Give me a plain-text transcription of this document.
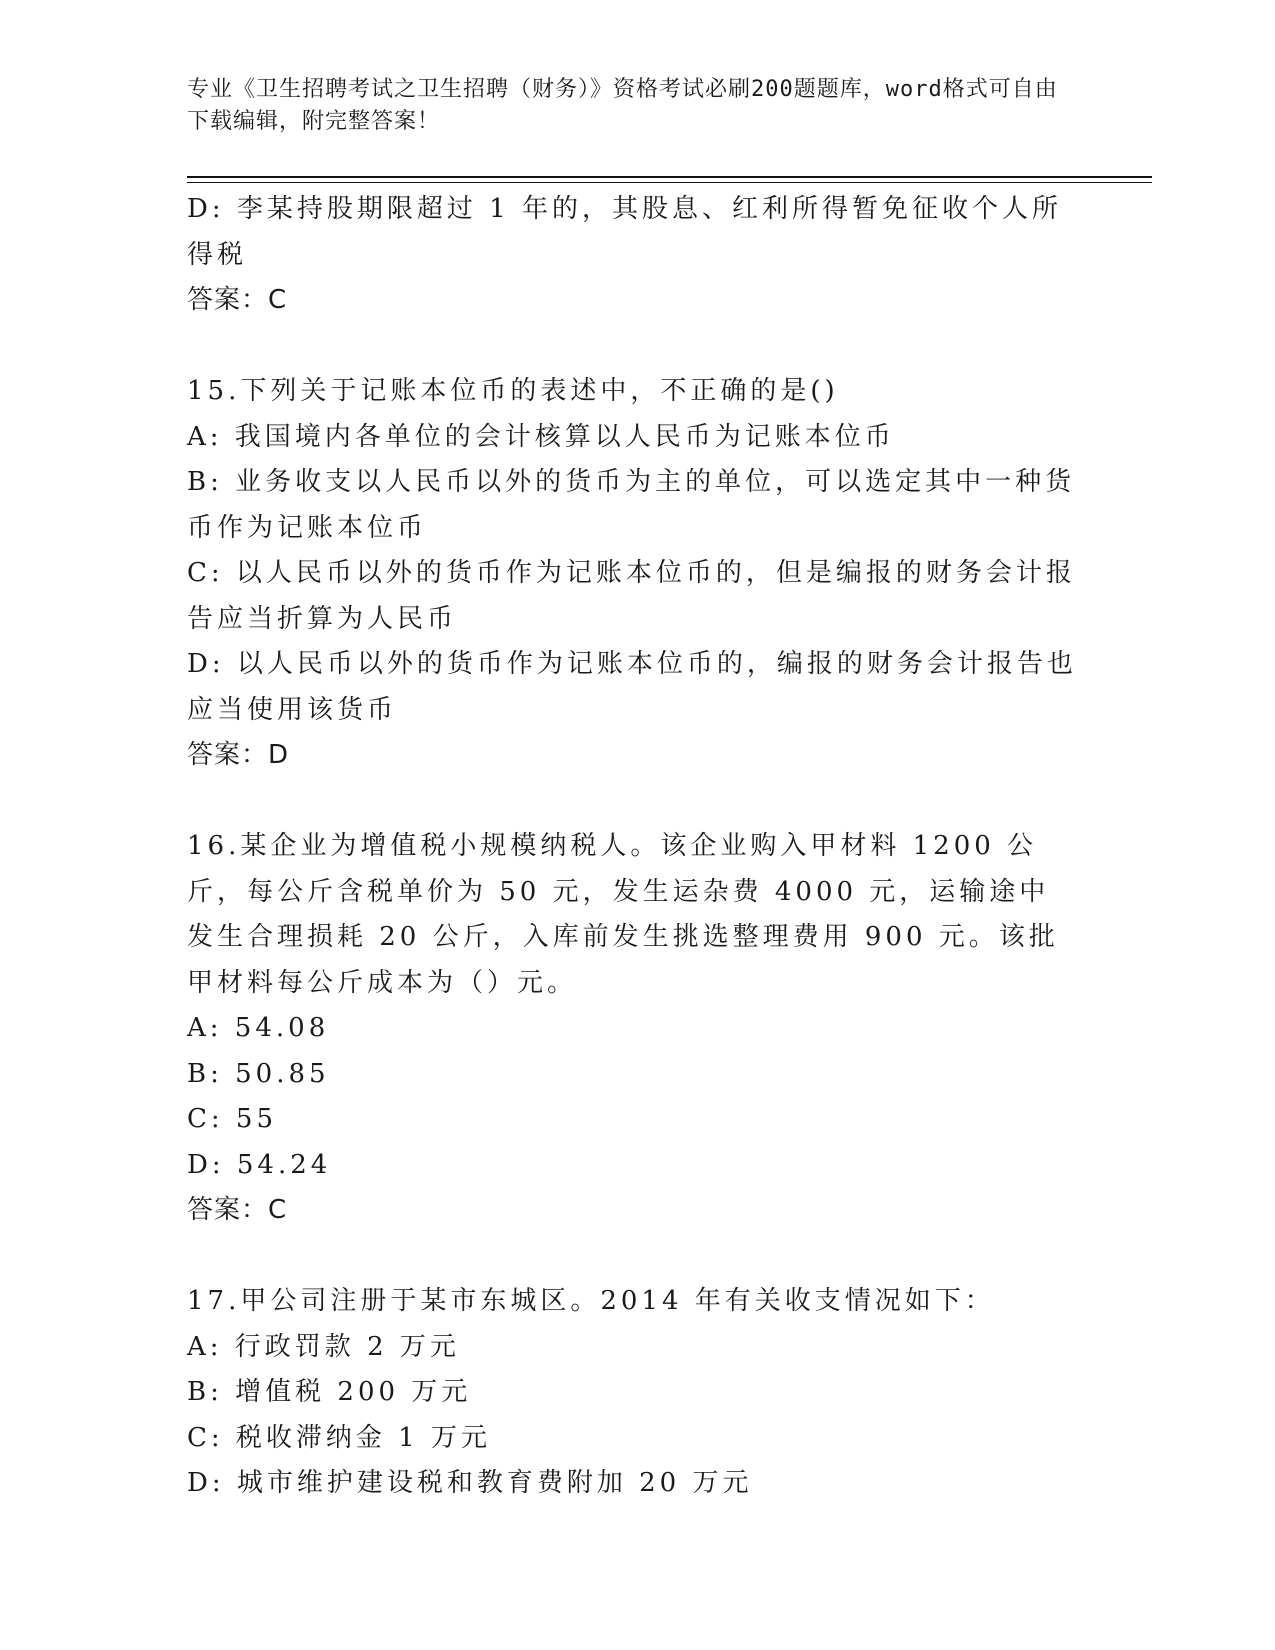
专业《卫生招聘考试之卫生招聘（财务）》资格考试必刷200题题库，word格式可自由下载编辑，附完整答案！

D: 李某持股期限超过 1 年的，其股息、红利所得暂免征收个人所得税

答案：C

15.下列关于记账本位币的表述中，不正确的是()

A: 我国境内各单位的会计核算以人民币为记账本位币

B: 业务收支以人民币以外的货币为主的单位，可以选定其中一种货币作为记账本位币

C: 以人民币以外的货币作为记账本位币的，但是编报的财务会计报告应当折算为人民币

D: 以人民币以外的货币作为记账本位币的，编报的财务会计报告也应当使用该货币

答案：D

16.某企业为增值税小规模纳税人。该企业购入甲材料 1200 公斤，每公斤含税单价为 50 元，发生运杂费 4000 元，运输途中发生合理损耗 20 公斤，入库前发生挑选整理费用 900 元。该批甲材料每公斤成本为（）元。

A: 54.08

B: 50.85

C: 55

D: 54.24

答案：C

17.甲公司注册于某市东城区。2014 年有关收支情况如下：

A: 行政罚款 2 万元

B: 增值税 200 万元

C: 税收滞纳金 1 万元

D: 城市维护建设税和教育费附加 20 万元
